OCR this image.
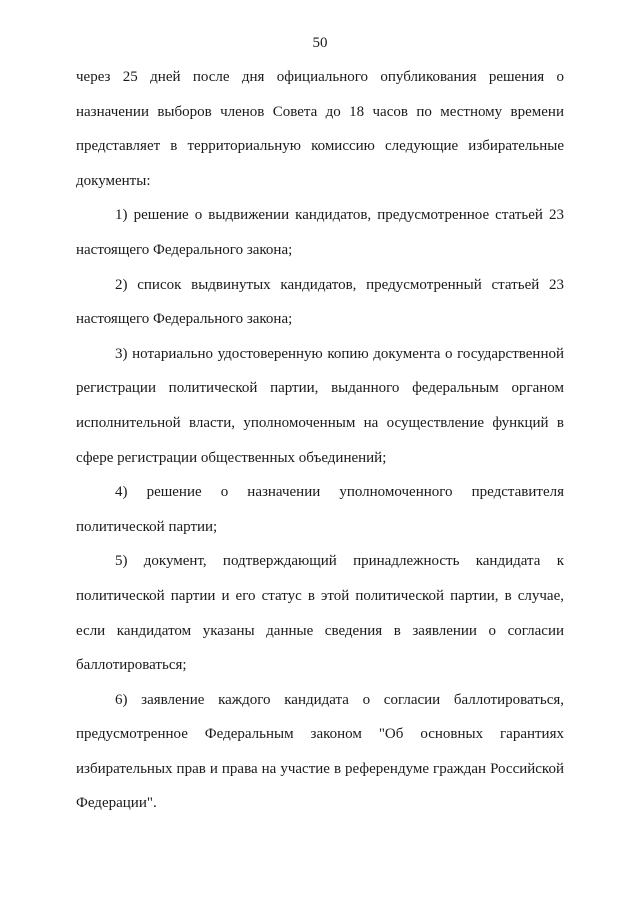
50

через 25 дней после дня официального опубликования решения о назначении выборов членов Совета до 18 часов по местному времени представляет в территориальную комиссию следующие избирательные документы:

1) решение о выдвижении кандидатов, предусмотренное статьей 23 настоящего Федерального закона;

2) список выдвинутых кандидатов, предусмотренный статьей 23 настоящего Федерального закона;

3) нотариально удостоверенную копию документа о государственной регистрации политической партии, выданного федеральным органом исполнительной власти, уполномоченным на осуществление функций в сфере регистрации общественных объединений;

4) решение о назначении уполномоченного представителя политической партии;

5) документ, подтверждающий принадлежность кандидата к политической партии и его статус в этой политической партии, в случае, если кандидатом указаны данные сведения в заявлении о согласии баллотироваться;

6) заявление каждого кандидата о согласии баллотироваться, предусмотренное Федеральным законом "Об основных гарантиях избирательных прав и права на участие в референдуме граждан Российской Федерации".
